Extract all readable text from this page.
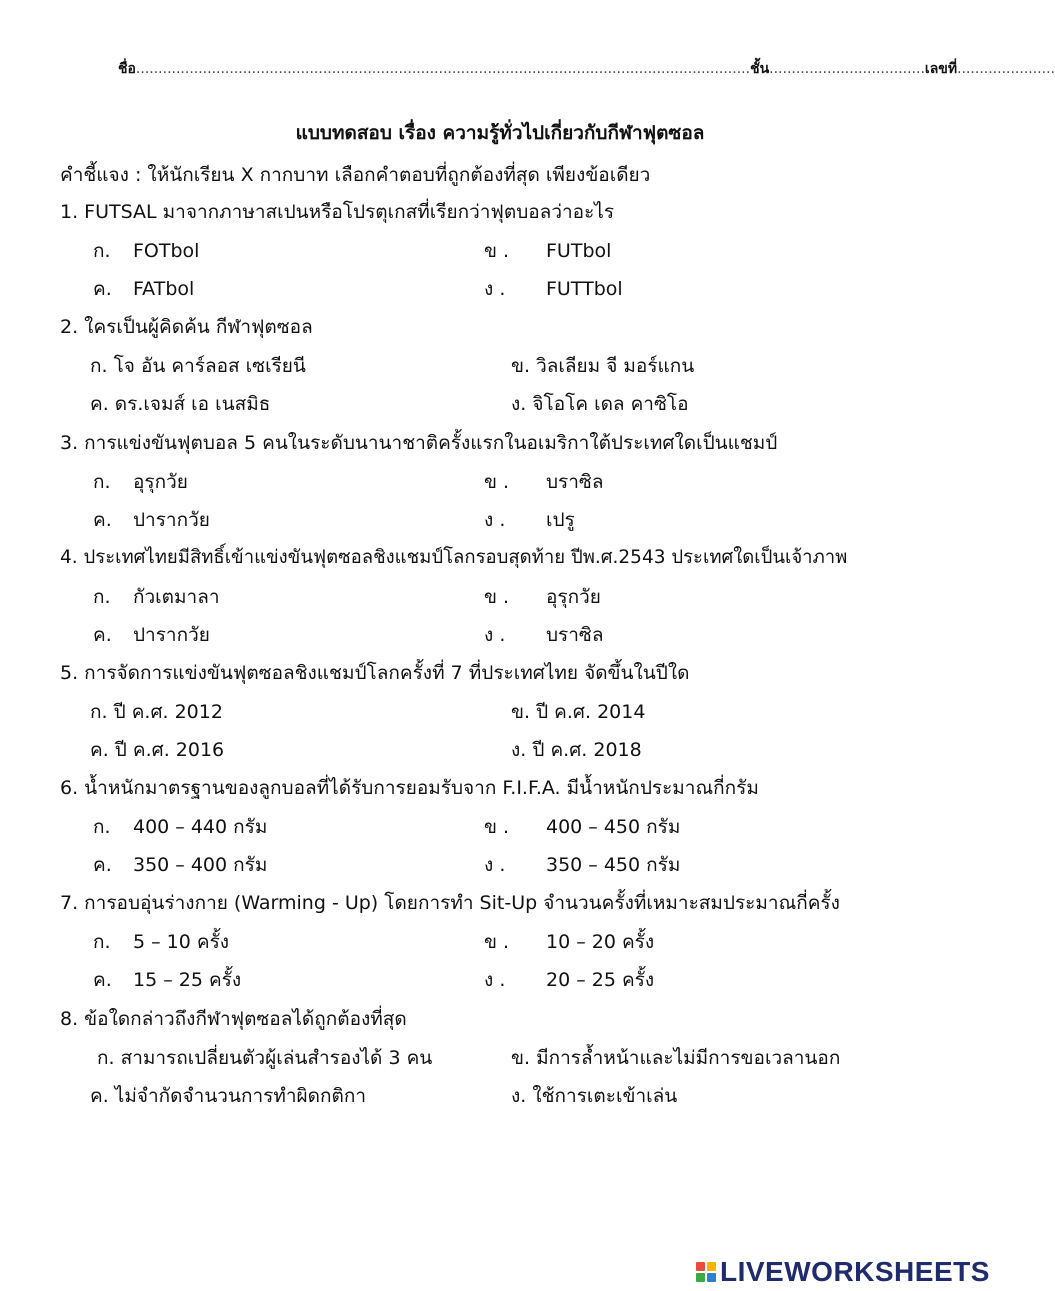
ชื่อ..........................................................................................................................................ชั้น...................................เลขที่......................
แบบทดสอบ เรื่อง ความรู้ทั่วไปเกี่ยวกับกีฬาฟุตซอล
คำชี้แจง : ให้นักเรียน X กากบาท เลือกคำตอบที่ถูกต้องที่สุด เพียงข้อเดียว
1. FUTSAL มาจากภาษาสเปนหรือโปรตุเกสที่เรียกว่าฟุตบอลว่าอะไร
ก. FOTbol	ข . FUTbol
ค. FATbol	ง . FUTTbol
2. ใครเป็นผู้คิดค้น กีฬาฟุตซอล
ก. โจ อัน คาร์ลอส เซเรียนี	ข. วิลเลียม จี มอร์แกน
ค. ดร.เจมส์ เอ เนสมิธ	ง. จิโอโค เดล คาซิโอ
3. การแข่งขันฟุตบอล 5 คนในระดับนานาชาติครั้งแรกในอเมริกาใต้ประเทศใดเป็นแชมป์
ก. อุรุกวัย	ข . บราซิล
ค. ปารากวัย	ง . เปรู
4. ประเทศไทยมีสิทธิ์เข้าแข่งขันฟุตซอลชิงแชมป์โลกรอบสุดท้าย ปีพ.ศ.2543 ประเทศใดเป็นเจ้าภาพ
ก. กัวเตมาลา	ข . อุรุกวัย
ค. ปารากวัย	ง . บราซิล
5. การจัดการแข่งขันฟุตซอลชิงแชมป์โลกครั้งที่ 7 ที่ประเทศไทย จัดขึ้นในปีใด
ก. ปี ค.ศ. 2012	ข. ปี ค.ศ. 2014
ค. ปี ค.ศ. 2016	ง. ปี ค.ศ. 2018
6. น้ำหนักมาตรฐานของลูกบอลที่ได้รับการยอมรับจาก F.I.F.A. มีน้ำหนักประมาณกี่กรัม
ก. 400 – 440 กรัม	ข . 400 – 450 กรัม
ค. 350 – 400 กรัม	ง . 350 – 450 กรัม
7. การอบอุ่นร่างกาย (Warming - Up) โดยการทำ Sit-Up จำนวนครั้งที่เหมาะสมประมาณกี่ครั้ง
ก. 5 – 10 ครั้ง	ข . 10 – 20 ครั้ง
ค. 15 – 25 ครั้ง	ง . 20 – 25 ครั้ง
8. ข้อใดกล่าวถึงกีฬาฟุตซอลได้ถูกต้องที่สุด
ก. สามารถเปลี่ยนตัวผู้เล่นสำรองได้ 3 คน	ข. มีการล้ำหน้าและไม่มีการขอเวลานอก
ค. ไม่จำกัดจำนวนการทำผิดกติกา	ง. ใช้การเตะเข้าเล่น
LIVEWORKSHEETS
